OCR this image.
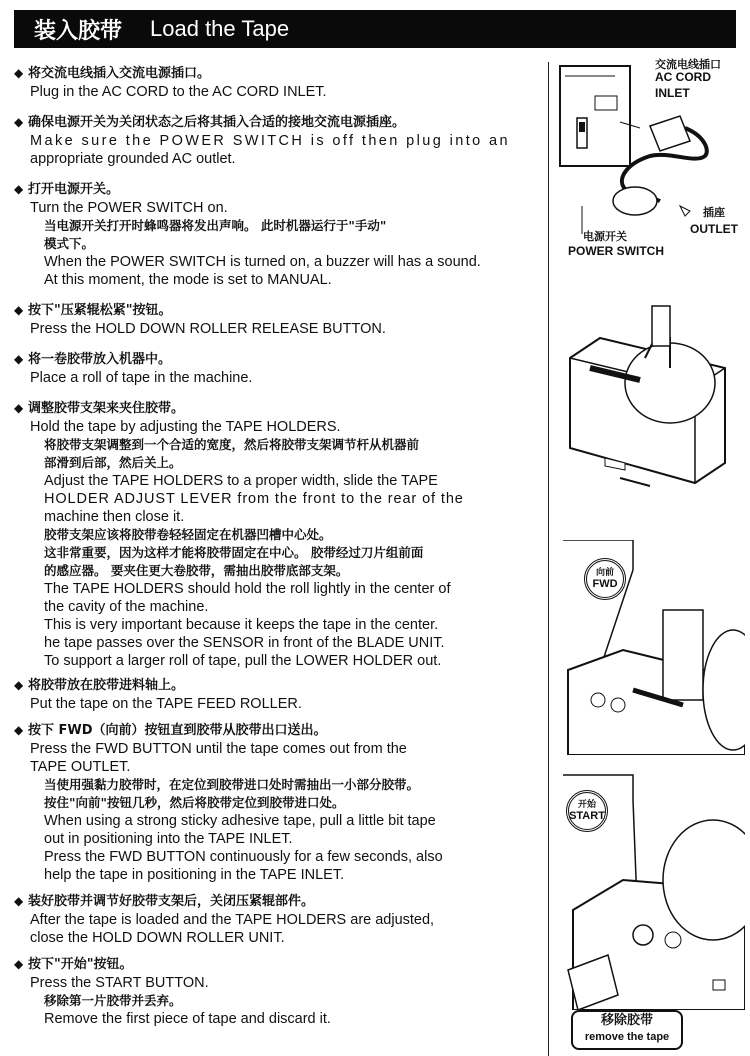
装入胶带 Load the Tape
◆ 将交流电线插入交流电源插口。
Plug in the AC CORD to the AC CORD INLET.
◆ 确保电源开关为关闭状态之后将其插入合适的接地交流电源插座。
Make sure the POWER SWITCH is off then plug into an
appropriate grounded AC outlet.
◆ 打开电源开关。
Turn the POWER SWITCH on.
当电源开关打开时蜂鸣器将发出声响。 此时机器运行于"手动"
模式下。
When the POWER SWITCH is turned on, a buzzer will has a sound.
At this moment, the mode is set to MANUAL.
◆ 按下"压紧辊松紧"按钮。
Press the HOLD DOWN ROLLER RELEASE BUTTON.
◆ 将一卷胶带放入机器中。
Place a roll of tape in the machine.
◆ 调整胶带支架来夹住胶带。
Hold the tape by adjusting the TAPE HOLDERS.
将胶带支架调整到一个合适的宽度，然后将胶带支架调节杆从机器前
部滑到后部，然后关上。
Adjust the TAPE HOLDERS to a proper width, slide the TAPE
HOLDER ADJUST LEVER from the front to the rear of the
machine then close it.
胶带支架应该将胶带卷轻轻固定在机器凹槽中心处。
这非常重要，因为这样才能将胶带固定在中心。 胶带经过刀片组前面
的感应器。 要夹住更大卷胶带，需抽出胶带底部支架。
The TAPE HOLDERS should hold the roll lightly in the center of
the cavity of the machine.
This is very important because it keeps the tape in the center.
he tape passes over the SENSOR in front of the BLADE UNIT.
To support a larger roll of tape, pull the LOWER HOLDER out.
◆ 将胶带放在胶带进料轴上。
Put the tape on the TAPE FEED ROLLER.
◆ 按下 FWD（向前）按钮直到胶带从胶带出口送出。
Press the FWD BUTTON until the tape comes out from the
TAPE OUTLET.
当使用强黏力胶带时，在定位到胶带进口处时需抽出一小部分胶带。
按住"向前"按钮几秒，然后将胶带定位到胶带进口处。
When using a strong sticky adhesive tape, pull a little bit tape
out in positioning into the TAPE INLET.
Press the FWD BUTTON continuously for a few seconds, also
help the tape in positioning in the TAPE INLET.
◆ 装好胶带并调节好胶带支架后，关闭压紧辊部件。
After the tape is loaded and the TAPE HOLDERS are adjusted,
close the HOLD DOWN ROLLER UNIT.
◆ 按下"开始"按钮。
Press the START BUTTON.
移除第一片胶带并丢弃。
Remove the first piece of tape and discard it.
交流电线插口
AC CORD
INLET
插座
OUTLET
电源开关
POWER SWITCH
向前
FWD
开始
START
移除胶带
remove the tape
